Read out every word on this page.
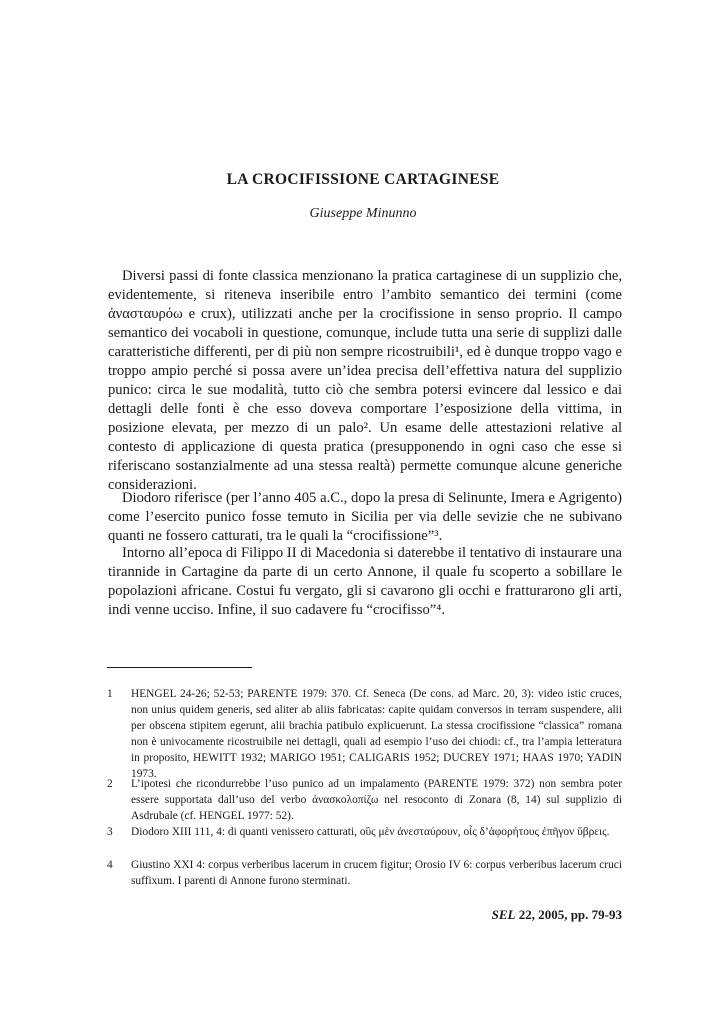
LA CROCIFISSIONE CARTAGINESE
Giuseppe Minunno

Diversi passi di fonte classica menzionano la pratica cartaginese di un supplizio che, evidentemente, si riteneva inseribile entro l’ambito semantico dei termini (come ἀνασταυρόω e crux), utilizzati anche per la crocifissione in senso proprio. Il campo semantico dei vocaboli in questione, comunque, include tutta una serie di supplizi dalle caratteristiche differenti, per di più non sempre ricostruibili¹, ed è dunque troppo vago e troppo ampio perché si possa avere un’idea precisa dell’effettiva natura del supplizio punico: circa le sue modalità, tutto ciò che sembra potersi evincere dal lessico e dai dettagli delle fonti è che esso doveva comportare l’esposizione della vittima, in posizione elevata, per mezzo di un palo². Un esame delle attestazioni relative al contesto di applicazione di questa pratica (presupponendo in ogni caso che esse si riferiscano sostanzialmente ad una stessa realtà) permette comunque alcune generiche considerazioni.

Diodoro riferisce (per l’anno 405 a.C., dopo la presa di Selinunte, Imera e Agrigento) come l’esercito punico fosse temuto in Sicilia per via delle sevizie che ne subivano quanti ne fossero catturati, tra le quali la “crocifissione”³.

Intorno all’epoca di Filippo II di Macedonia si daterebbe il tentativo di instaurare una tirannide in Cartagine da parte di un certo Annone, il quale fu scoperto a sobillare le popolazioni africane. Costui fu vergato, gli si cavarono gli occhi e fratturarono gli arti, indi venne ucciso. Infine, il suo cadavere fu “crocifisso”⁴.

1	HENGEL 24-26; 52-53; PARENTE 1979: 370. Cf. Seneca (De cons. ad Marc. 20, 3): video istic cruces, non unius quidem generis, sed aliter ab aliis fabricatas: capite quidam conversos in terram suspendere, alii per obscena stipitem egerunt, alii brachia patibulo explicuerunt. La stessa crocifissione “classica” romana non è univocamente ricostruibile nei dettagli, quali ad esempio l’uso dei chiodi: cf., tra l’ampia letteratura in proposito, HEWITT 1932; MARIGO 1951; CALIGARIS 1952; DUCREY 1971; HAAS 1970; YADIN 1973.
2	L’ipotesi che ricondurrebbe l’uso punico ad un impalamento (PARENTE 1979: 372) non sembra poter essere supportata dall’uso del verbo ἀνασκολοπίζω nel resoconto di Zonara (8, 14) sul supplizio di Asdrubale (cf. HENGEL 1977: 52).
3	Diodoro XIII 111, 4: di quanti venissero catturati, οὓς μὲν ἀνεσταύρουν, οἷς δ’ἀφορήτους ἐπῆγον ὕβρεις.
4	Giustino XXI 4: corpus verberibus lacerum in crucem figitur; Orosio IV 6: corpus verberibus lacerum cruci suffixum. I parenti di Annone furono sterminati.
SEL 22, 2005, pp. 79-93
